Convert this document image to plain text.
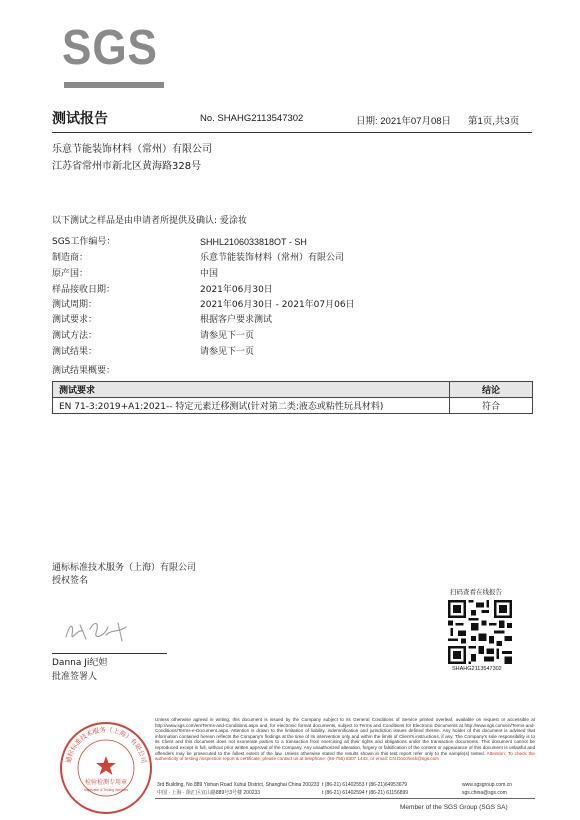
SGS
测试报告	No. SHAHG2113547302	日期: 2021年07月08日 第1页,共3页
乐意节能装饰材料（常州）有限公司
江苏省常州市新北区黄海路328号
以下测试之样品是由申请者所提供及确认: 爱涂妆
SGS工作编号：	SHHL2106033818OT - SH
制造商：	乐意节能装饰材料（常州）有限公司
原产国：	中国
样品接收日期：	2021年06月30日
测试周期：	2021年06月30日 - 2021年07月06日
测试要求：	根据客户要求测试
测试方法：	请参见下一页
测试结果：	请参见下一页
测试结果概要：
测试要求	结论
EN 71-3:2019+A1:2021-- 特定元素迁移测试(针对第二类:液态或粘性玩具材料)	符合
通标标准技术服务（上海）有限公司
授权签名
Danna Ji纪妲
批准签署人
扫码查看在线报告
SHAHG2113547302
通标标准技术服务（上海）有限公司
检验检测专用章
Inspection & Testing Services
Unless otherwise agreed in writing, this document is issued by the Company subject to its General Conditions of Service printed overleaf, available on request or accessible at http://www.sgs.com/en/Terms-and-Conditions.aspx and, for electronic format documents, subject to Terms and Conditions for Electronic Documents at http://www.sgs.com/en/Terms-and-Conditions/Terms-e-Document.aspx. Attention is drawn to the limitation of liability, indemnification and jurisdiction issues defined therein. Any holder of this document is advised that information contained hereon reflects the Company's findings at the time of its intervention only and within the limits of Client's instructions, if any. The Company's sole responsibility is to its Client and this document does not exonerate parties to a transaction from exercising all their rights and obligations under the transaction documents. This document cannot be reproduced except in full, without prior written approval of the Company. Any unauthorized alteration, forgery or falsification of the content or appearance of this document is unlawful and offenders may be prosecuted to the fullest extent of the law. Unless otherwise stated the results shown in this test report refer only to the sample(s) tested. Attention: To check the authenticity of testing /inspection report & certificate, please contact us at telephone: (86-755) 8307 1443, or email: CN.Doccheck@sgs.com
3rd Building, No.889 Yishan Road Xuhui District, Shanghai China 200233
中国 · 上海 · 徐汇区宜山路889号3号楼 200233
t (86-21) 61402553 f (86-21)64953679
t (86-21) 61402594 f (86-21) 61156899
www.sgsgroup.com.cn
sgs.china@sgs.com
Member of the SGS Group (SGS SA)
